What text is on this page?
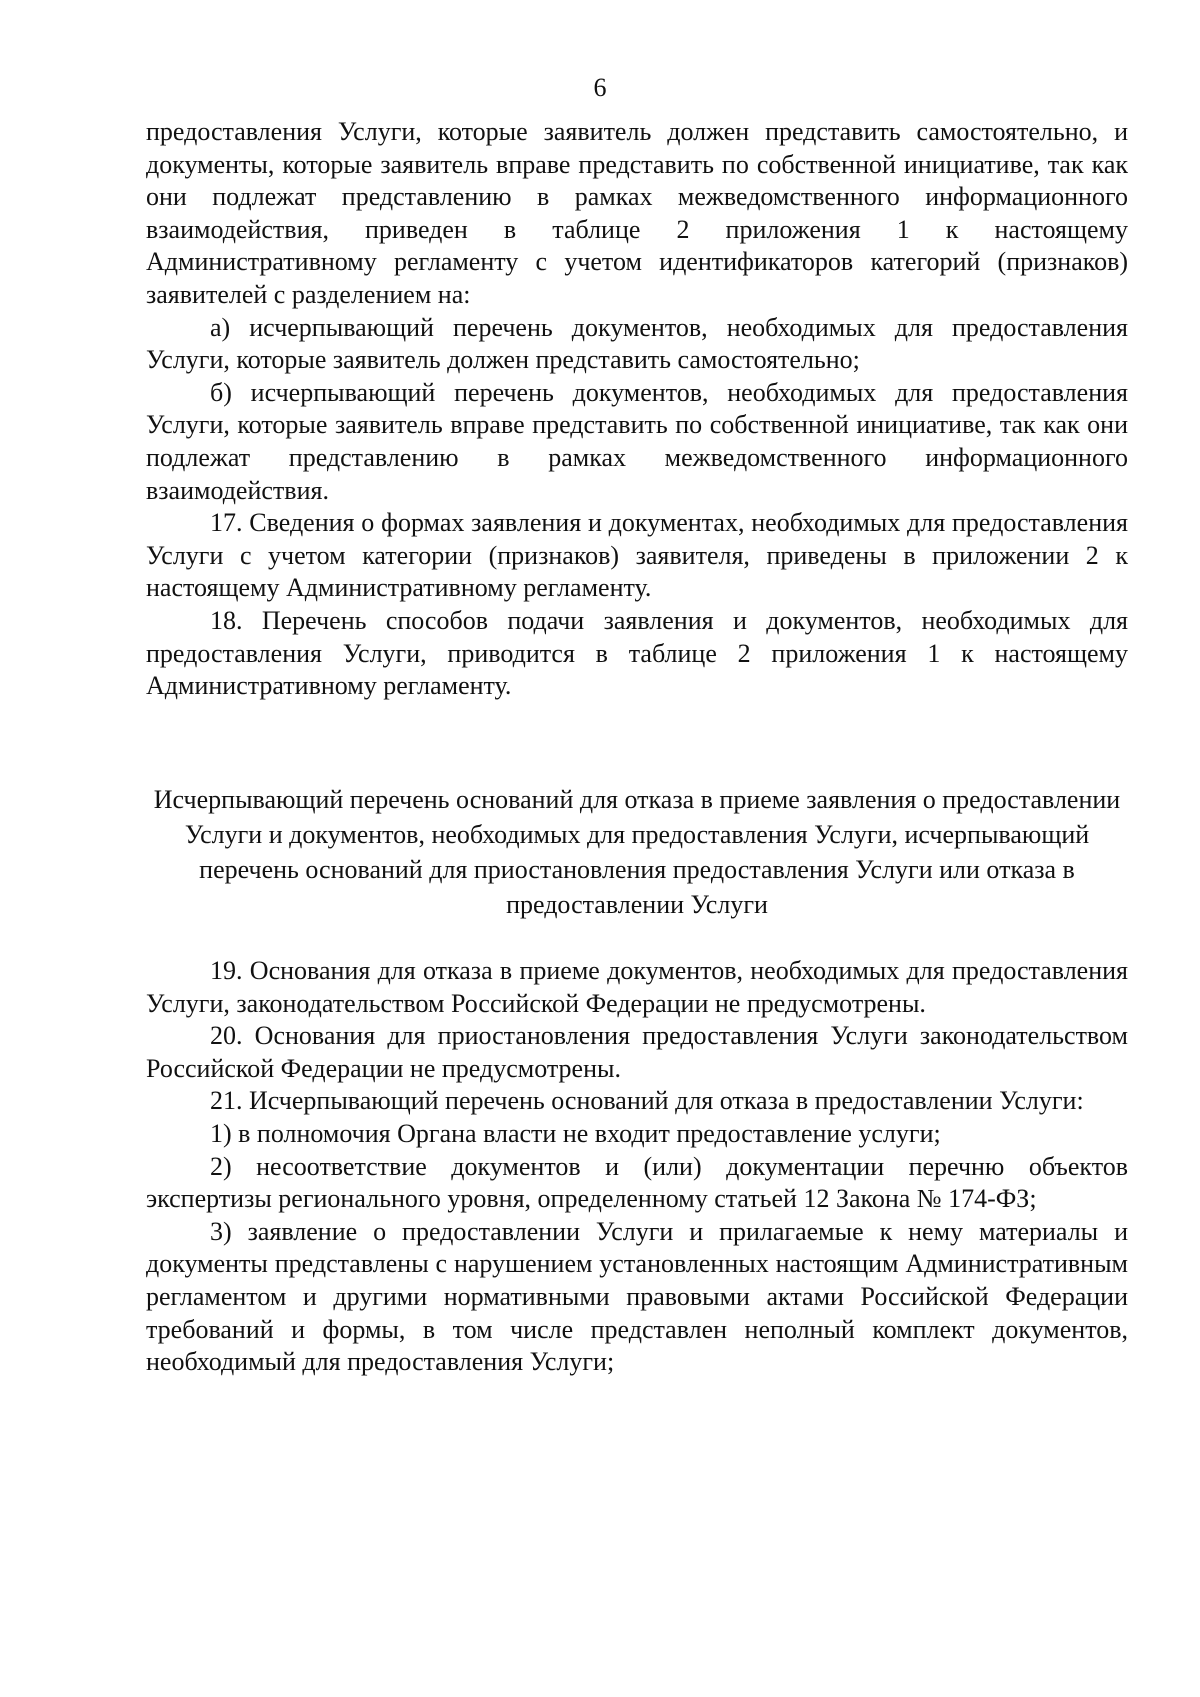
6

предоставления Услуги, которые заявитель должен представить самостоятельно, и документы, которые заявитель вправе представить по собственной инициативе, так как они подлежат представлению в рамках межведомственного информационного взаимодействия, приведен в таблице 2 приложения 1 к настоящему Административному регламенту с учетом идентификаторов категорий (признаков) заявителей с разделением на:

а) исчерпывающий перечень документов, необходимых для предоставления Услуги, которые заявитель должен представить самостоятельно;

б) исчерпывающий перечень документов, необходимых для предоставления Услуги, которые заявитель вправе представить по собственной инициативе, так как они подлежат представлению в рамках межведомственного информационного взаимодействия.

17. Сведения о формах заявления и документах, необходимых для предоставления Услуги с учетом категории (признаков) заявителя, приведены в приложении 2 к настоящему Административному регламенту.

18. Перечень способов подачи заявления и документов, необходимых для предоставления Услуги, приводится в таблице 2 приложения 1 к настоящему Административному регламенту.

Исчерпывающий перечень оснований для отказа в приеме заявления о предоставлении Услуги и документов, необходимых для предоставления Услуги, исчерпывающий перечень оснований для приостановления предоставления Услуги или отказа в предоставлении Услуги

19. Основания для отказа в приеме документов, необходимых для предоставления Услуги, законодательством Российской Федерации не предусмотрены.

20. Основания для приостановления предоставления Услуги законодательством Российской Федерации не предусмотрены.

21. Исчерпывающий перечень оснований для отказа в предоставлении Услуги:

1) в полномочия Органа власти не входит предоставление услуги;

2) несоответствие документов и (или) документации перечню объектов экспертизы регионального уровня, определенному статьей 12 Закона № 174-ФЗ;

3) заявление о предоставлении Услуги и прилагаемые к нему материалы и документы представлены с нарушением установленных настоящим Административным регламентом и другими нормативными правовыми актами Российской Федерации требований и формы, в том числе представлен неполный комплект документов, необходимый для предоставления Услуги;
